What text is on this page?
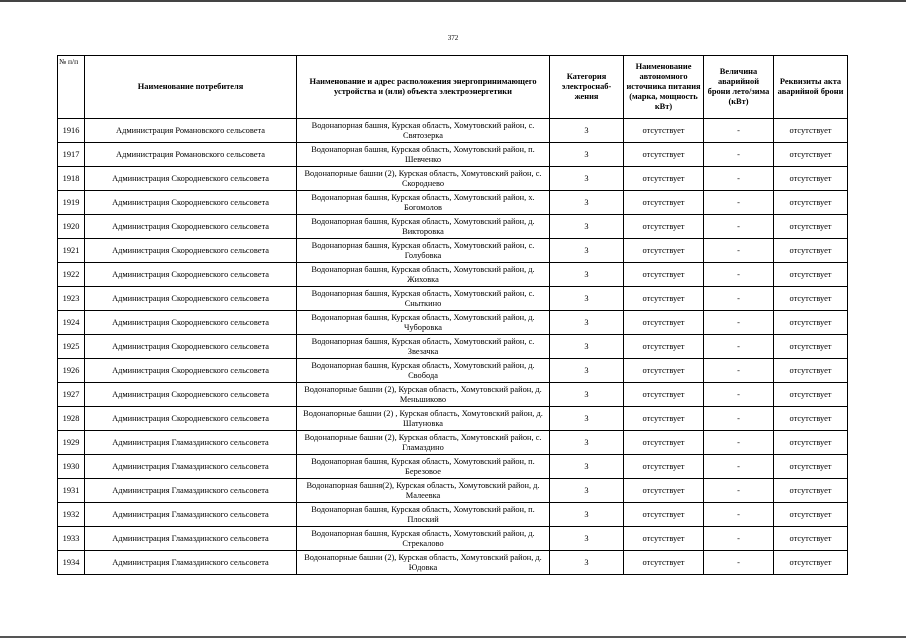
372
№ п/п	Наименование потребителя	Наименование и адрес расположения энергопринимающего устройства и (или) объекта электроэнергетики	Категория электроснаб-жения	Наименование автономного источника питания (марка, мощность кВт)	Величина аварийной брони лето/зима (кВт)	Реквизиты акта аварийной брони
1916	Администрация Романовского сельсовета	Водонапорная башня, Курская область, Хомутовский район, с. Святозерка	3	отсутствует	-	отсутствует
1917	Администрация Романовского сельсовета	Водонапорная башня, Курская область, Хомутовский район, п. Шевченко	3	отсутствует	-	отсутствует
1918	Администрация Скородневского сельсовета	Водонапорные башни (2), Курская область, Хомутовский район, с. Скороднево	3	отсутствует	-	отсутствует
1919	Администрация Скородневского сельсовета	Водонапорная башня, Курская область, Хомутовский район, х. Богомолов	3	отсутствует	-	отсутствует
1920	Администрация Скородневского сельсовета	Водонапорная башня, Курская область, Хомутовский район, д. Викторовка	3	отсутствует	-	отсутствует
1921	Администрация Скородневского сельсовета	Водонапорная башня, Курская область, Хомутовский район, с. Голубовка	3	отсутствует	-	отсутствует
1922	Администрация Скородневского сельсовета	Водонапорная башня, Курская область, Хомутовский район, д. Жиховка	3	отсутствует	-	отсутствует
1923	Администрация Скородневского сельсовета	Водонапорная башня, Курская область, Хомутовский район, с. Сныткино	3	отсутствует	-	отсутствует
1924	Администрация Скородневского сельсовета	Водонапорная башня, Курская область, Хомутовский район, д. Чуборовка	3	отсутствует	-	отсутствует
1925	Администрация Скородневского сельсовета	Водонапорная башня, Курская область, Хомутовский район, с. Звезачка	3	отсутствует	-	отсутствует
1926	Администрация Скородневского сельсовета	Водонапорная башня, Курская область, Хомутовский район, д. Свобода	3	отсутствует	-	отсутствует
1927	Администрация Скородневского сельсовета	Водонапорные башни (2), Курская область, Хомутовский район, д. Меньшиково	3	отсутствует	-	отсутствует
1928	Администрация Скородневского сельсовета	Водонапорные башни (2) , Курская область, Хомутовский район, д. Шатуновка	3	отсутствует	-	отсутствует
1929	Администрация Гламаздинского сельсовета	Водонапорные башни (2), Курская область, Хомутовский район, с. Гламаздино	3	отсутствует	-	отсутствует
1930	Администрация Гламаздинского сельсовета	Водонапорная башня, Курская область, Хомутовский район, п. Березовое	3	отсутствует	-	отсутствует
1931	Администрация Гламаздинского сельсовета	Водонапорная башня(2), Курская область, Хомутовский район, д. Малеевка	3	отсутствует	-	отсутствует
1932	Администрация Гламаздинского сельсовета	Водонапорная башня, Курская область, Хомутовский район, п. Плоский	3	отсутствует	-	отсутствует
1933	Администрация Гламаздинского сельсовета	Водонапорная башня, Курская область, Хомутовский район, д. Стрекалово	3	отсутствует	-	отсутствует
1934	Администрация Гламаздинского сельсовета	Водонапорные башни (2), Курская область, Хомутовский район, д. Юдовка	3	отсутствует	-	отсутствует
